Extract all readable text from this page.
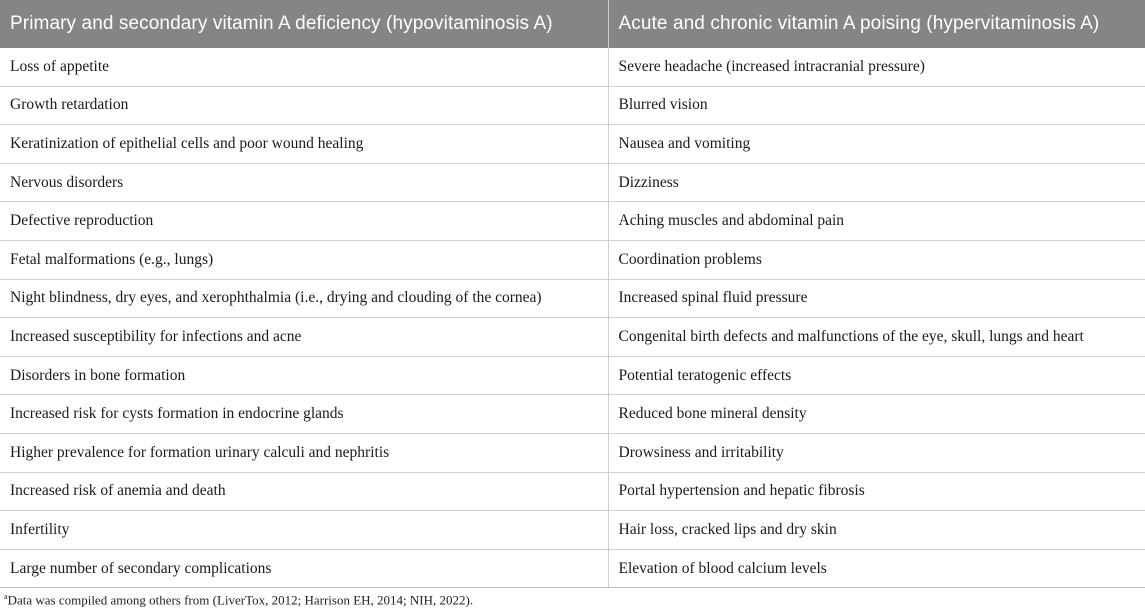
Primary and secondary vitamin A deficiency (hypovitaminosis A)	Acute and chronic vitamin A poising (hypervitaminosis A)
Loss of appetite	Severe headache (increased intracranial pressure)
Growth retardation	Blurred vision
Keratinization of epithelial cells and poor wound healing	Nausea and vomiting
Nervous disorders	Dizziness
Defective reproduction	Aching muscles and abdominal pain
Fetal malformations (e.g., lungs)	Coordination problems
Night blindness, dry eyes, and xerophthalmia (i.e., drying and clouding of the cornea)	Increased spinal fluid pressure
Increased susceptibility for infections and acne	Congenital birth defects and malfunctions of the eye, skull, lungs and heart
Disorders in bone formation	Potential teratogenic effects
Increased risk for cysts formation in endocrine glands	Reduced bone mineral density
Higher prevalence for formation urinary calculi and nephritis	Drowsiness and irritability
Increased risk of anemia and death	Portal hypertension and hepatic fibrosis
Infertility	Hair loss, cracked lips and dry skin
Large number of secondary complications	Elevation of blood calcium levels
$^a$Data was compiled among others from (LiverTox, 2012; Harrison EH, 2014; NIH, 2022).
